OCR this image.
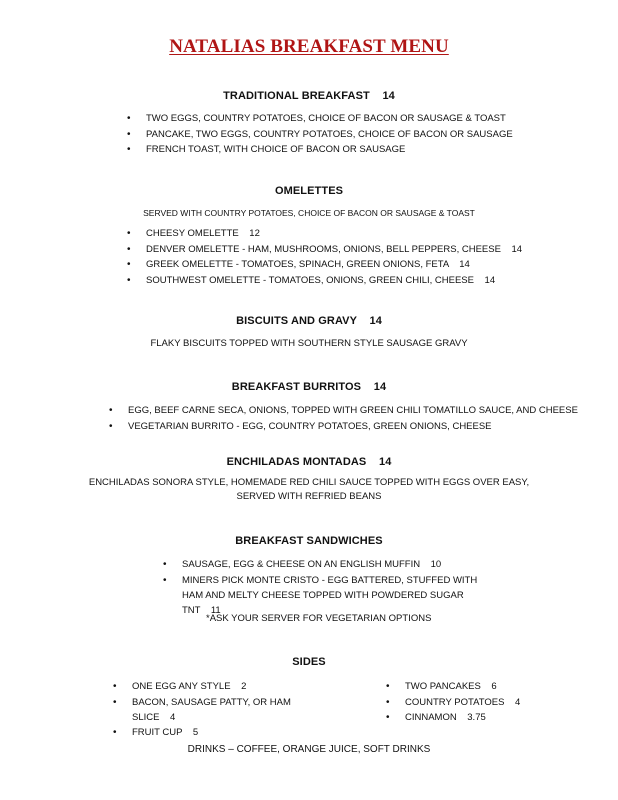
NATALIAS BREAKFAST MENU
TRADITIONAL BREAKFAST    14
• TWO EGGS, COUNTRY POTATOES, CHOICE OF BACON OR SAUSAGE & TOAST
• PANCAKE, TWO EGGS, COUNTRY POTATOES, CHOICE OF BACON OR SAUSAGE
• FRENCH TOAST, WITH CHOICE OF BACON OR SAUSAGE
OMELETTES
SERVED WITH COUNTRY POTATOES, CHOICE OF BACON OR SAUSAGE & TOAST
• CHEESY OMELETTE    12
• DENVER OMELETTE - HAM, MUSHROOMS, ONIONS, BELL PEPPERS, CHEESE    14
• GREEK OMELETTE - TOMATOES, SPINACH, GREEN ONIONS, FETA    14
• SOUTHWEST OMELETTE - TOMATOES, ONIONS, GREEN CHILI, CHEESE    14
BISCUITS AND GRAVY    14
FLAKY BISCUITS TOPPED WITH SOUTHERN STYLE SAUSAGE GRAVY
BREAKFAST BURRITOS    14
• EGG, BEEF CARNE SECA, ONIONS, TOPPED WITH GREEN CHILI TOMATILLO SAUCE, AND CHEESE
• VEGETARIAN BURRITO - EGG, COUNTRY POTATOES, GREEN ONIONS, CHEESE
ENCHILADAS MONTADAS    14
ENCHILADAS SONORA STYLE, HOMEMADE RED CHILI SAUCE TOPPED WITH EGGS OVER EASY,
SERVED WITH REFRIED BEANS
BREAKFAST SANDWICHES
• SAUSAGE, EGG & CHEESE ON AN ENGLISH MUFFIN    10
• MINERS PICK MONTE CRISTO - EGG BATTERED, STUFFED WITH HAM AND MELTY CHEESE TOPPED WITH POWDERED SUGAR TNT    11
*ASK YOUR SERVER FOR VEGETARIAN OPTIONS
SIDES
• ONE EGG ANY STYLE    2
• BACON, SAUSAGE PATTY, OR HAM SLICE    4
• FRUIT CUP    5
• TWO PANCAKES    6
• COUNTRY POTATOES    4
• CINNAMON    3.75
DRINKS – COFFEE, ORANGE JUICE, SOFT DRINKS
